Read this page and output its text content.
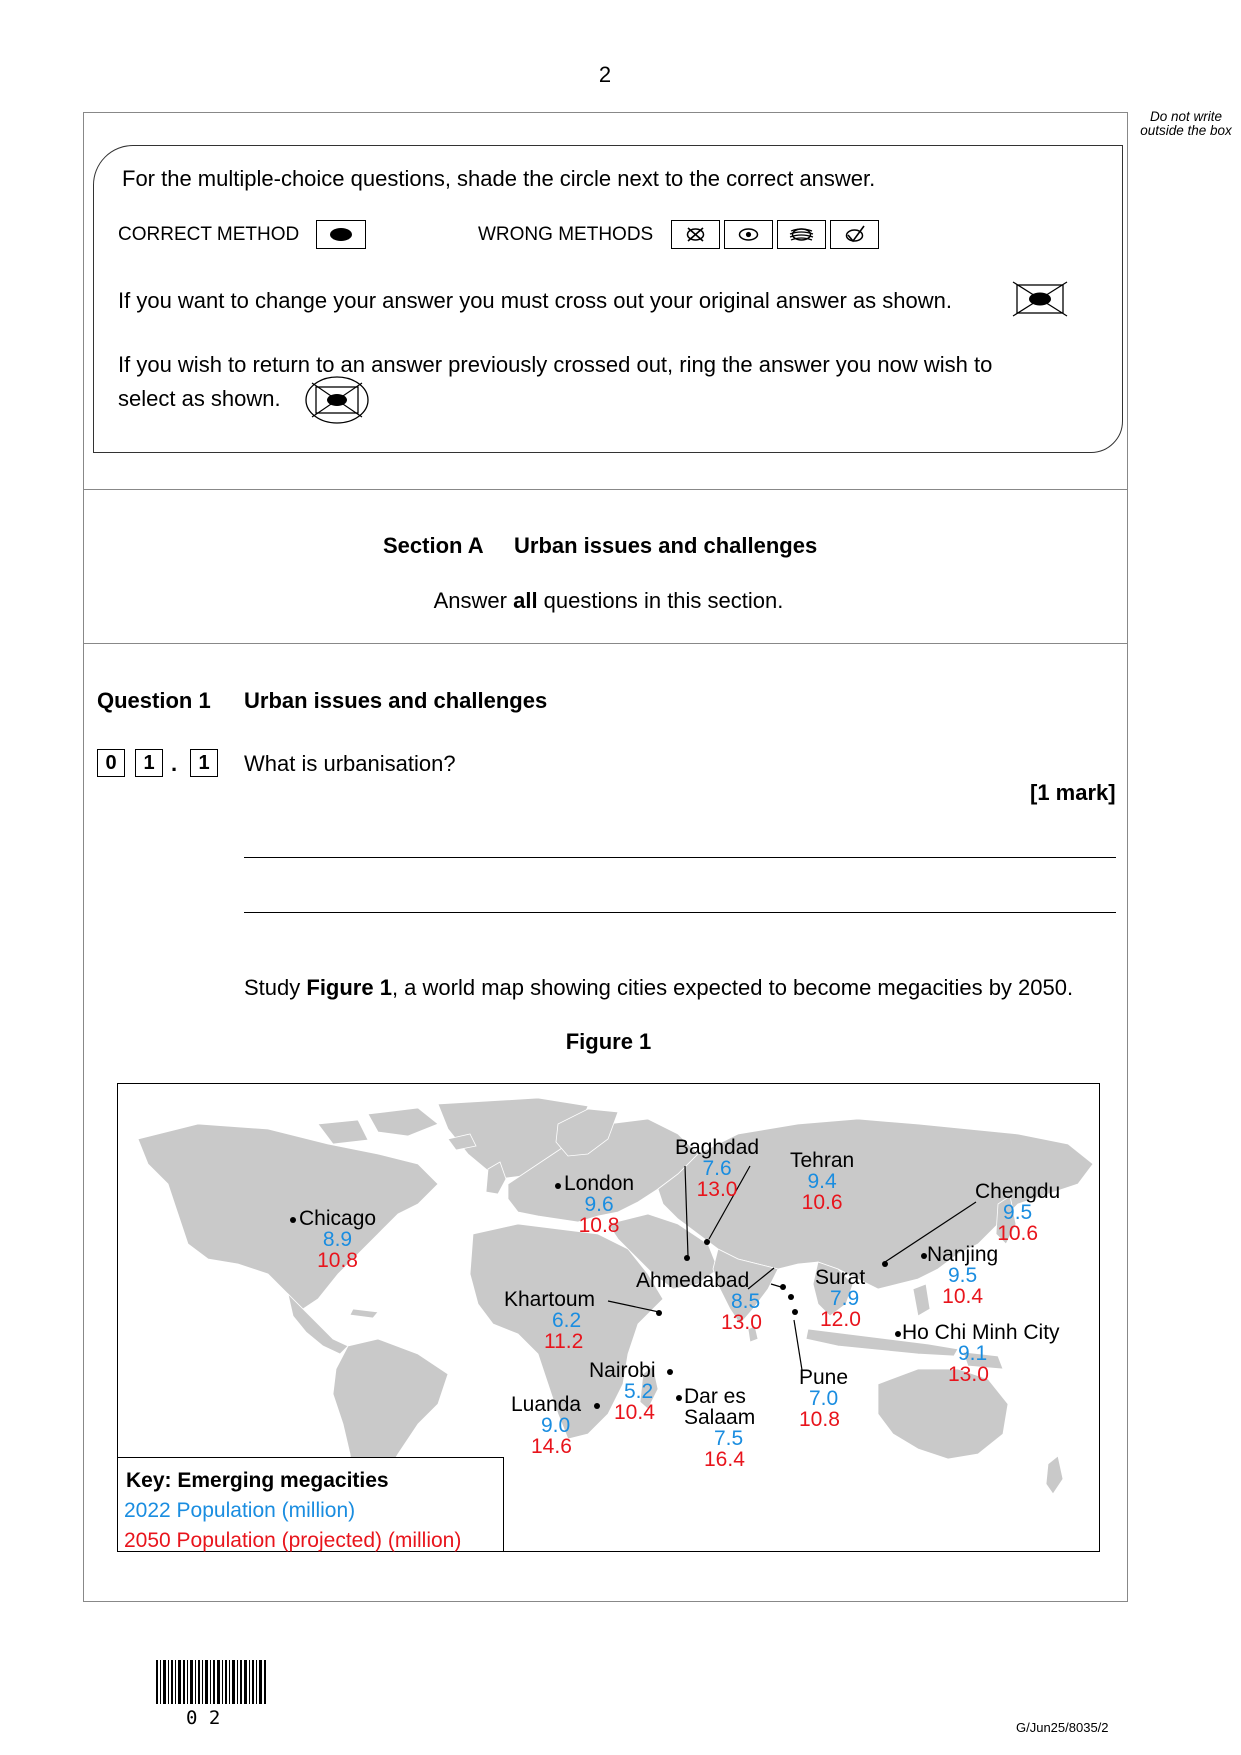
2
Do not write outside the box
For the multiple-choice questions, shade the circle next to the correct answer.
CORRECT METHOD	WRONG METHODS
If you want to change your answer you must cross out your original answer as shown.
If you wish to return to an answer previously crossed out, ring the answer you now wish to
select as shown.
Section A Urban issues and challenges
Answer all questions in this section.
Question 1 Urban issues and challenges
0	1 .	1	What is urbanisation?
[1 mark]
Study Figure 1, a world map showing cities expected to become megacities by 2050.
Figure 1
Baghdad
7.6
13.0
Tehran
9.4
10.6
London
9.6
10.8
Chicago
8.9
10.8
Chengdu
9.5
10.6
Nanjing
9.5
10.4
Ahmedabad
8.5
13.0
Surat
7.9
12.0
Khartoum
6.2
11.2	Ho Chi Minh City
9.1
13.0
Nairobi
5.2
10.4
Pune
7.0
10.8
Luanda
9.0
14.6
Dar es
Salaam
7.5
16.4
Key: Emerging megacities
2022 Population (million)
2050 Population (projected) (million)
0 2	G/Jun25/8035/2
